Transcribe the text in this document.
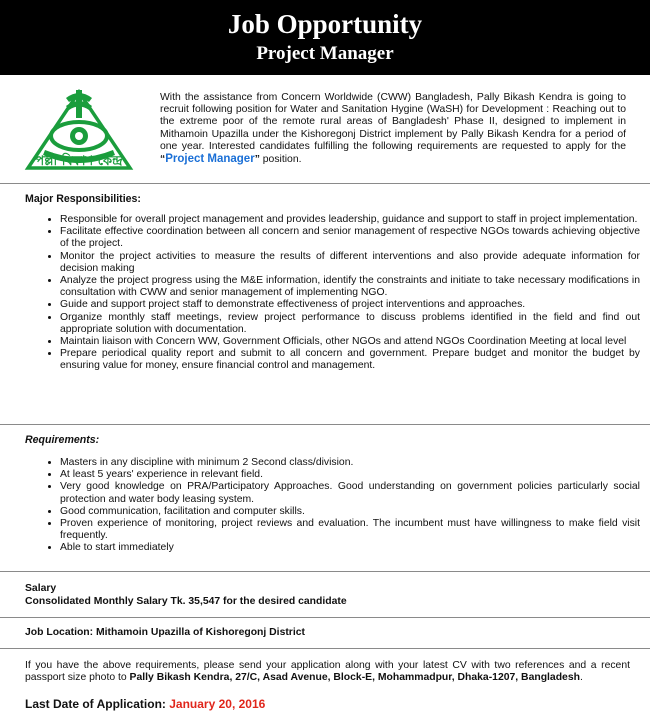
Job Opportunity
Project Manager
পল্লী বিকাশ কেন্দ্র
With the assistance from Concern Worldwide (CWW) Bangladesh, Pally Bikash Kendra is going to recruit following position for Water and Sanitation Hygine (WaSH) for Development : Reaching out to the extreme poor of the remote rural areas of Bangladesh' Phase II, designed to implement in Mithamoin Upazilla under the Kishoregonj District implement by Pally Bikash Kendra for a period of one year. Interested candidates fulfilling the following requirements are requested to apply for the “Project Manager” position.
Major Responsibilities:
• Responsible for overall project management and provides leadership, guidance and support to staff in project implementation.
• Facilitate effective coordination between all concern and senior management of respective NGOs towards achieving objective of the project.
• Monitor the project activities to measure the results of different interventions and also provide adequate information for decision making
• Analyze the project progress using the M&E information, identify the constraints and initiate to take necessary modifications in consultation with CWW and senior management of implementing NGO.
• Guide and support project staff to demonstrate effectiveness of project interventions and approaches.
• Organize monthly staff meetings, review project performance to discuss problems identified in the field and find out appropriate solution with documentation.
• Maintain liaison with Concern WW, Government Officials, other NGOs and attend NGOs Coordination Meeting at local level
• Prepare periodical quality report and submit to all concern and government. Prepare budget and monitor the budget by ensuring value for money, ensure financial control and management.
Requirements:
• Masters in any discipline with minimum 2 Second class/division.
• At least 5 years' experience in relevant field.
• Very good knowledge on PRA/Participatory Approaches. Good understanding on government policies particularly social protection and water body leasing system.
• Good communication, facilitation and computer skills.
• Proven experience of monitoring, project reviews and evaluation. The incumbent must have willingness to make field visit frequently.
• Able to start immediately
Salary
Consolidated Monthly Salary Tk. 35,547 for the desired candidate
Job Location: Mithamoin Upazilla of Kishoregonj District
If you have the above requirements, please send your application along with your latest CV with two references and a recent passport size photo to Pally Bikash Kendra, 27/C, Asad Avenue, Block-E, Mohammadpur, Dhaka-1207, Bangladesh.
Last Date of Application: January 20, 2016
